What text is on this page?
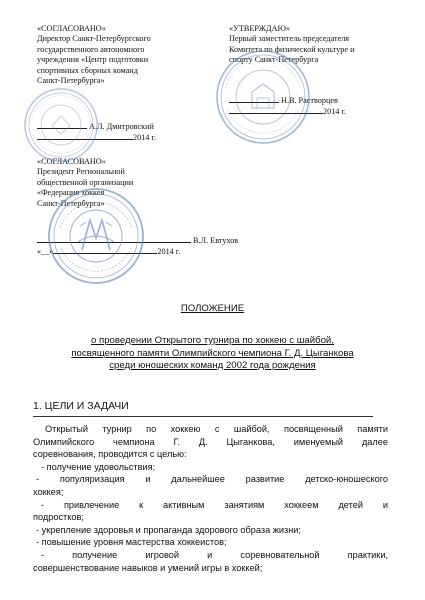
«СОГЛАСОВАНО»
Директор Санкт-Петербургского
государственного автономного
учреждения «Центр подготовки
спортивных сборных команд
Санкт-Петербурга»
А.Л. Дмитровский
2014 г.
«УТВЕРЖДАЮ»
Первый заместитель председателя
Комитета по физической культуре и
спорту Санкт-Петербурга
Н.В. Растворцев
2014 г.
«СОГЛАСОВАНО»
Президент Региональной
общественной организации
«Федерация хоккея
Санкт-Петербурга»
В.Л. Евтухов
«__»	2014 г.
ПОЛОЖЕНИЕ
о проведении Открытого турнира по хоккею с шайбой,
посвященного памяти Олимпийского чемпиона Г. Д. Цыганкова
среди юношеских команд 2002 года рождения
1. ЦЕЛИ И ЗАДАЧИ

Открытый турнир по хоккею с шайбой, посвященный памяти

Олимпийского чемпиона Г. Д. Цыганкова, именуемый далее

соревнования, проводится с целью:

- получение удовольствия;

- популяризация и дальнейшее развитие детско-юношеского

хоккея;

- привлечение к активным занятиям хоккеем детей и

подростков;

- укрепление здоровья и пропаганда здорового образа жизни;

- повышение уровня мастерства хоккеистов;

- получение игровой и соревновательной практики,

совершенствование навыков и умений игры в хоккей;
